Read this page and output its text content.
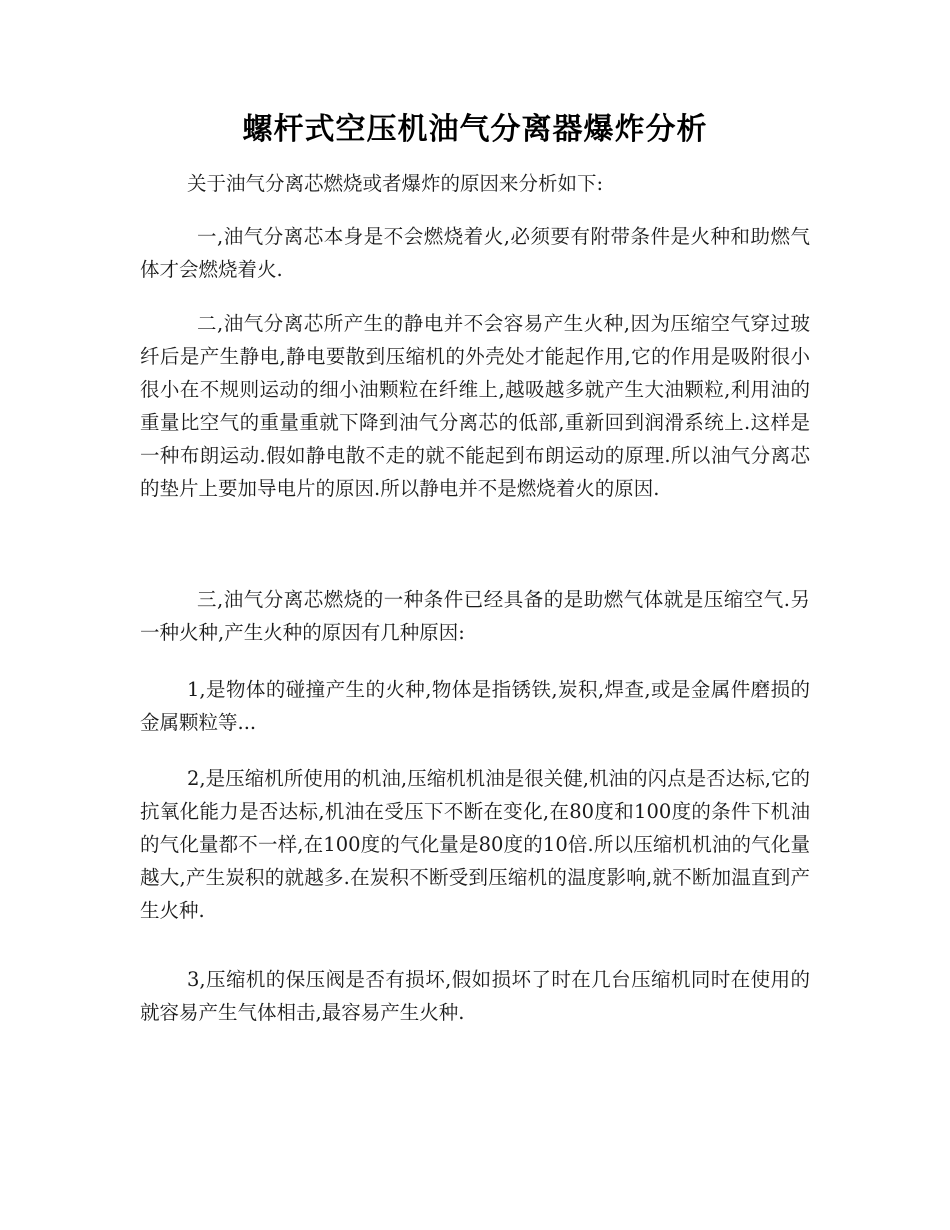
螺杆式空压机油气分离器爆炸分析

关于油气分离芯燃烧或者爆炸的原因来分析如下:

一,油气分离芯本身是不会燃烧着火,必须要有附带条件是火种和助燃气体才会燃烧着火.

二,油气分离芯所产生的静电并不会容易产生火种,因为压缩空气穿过玻纤后是产生静电,静电要散到压缩机的外壳处才能起作用,它的作用是吸附很小很小在不规则运动的细小油颗粒在纤维上,越吸越多就产生大油颗粒,利用油的重量比空气的重量重就下降到油气分离芯的低部,重新回到润滑系统上.这样是一种布朗运动.假如静电散不走的就不能起到布朗运动的原理.所以油气分离芯的垫片上要加导电片的原因.所以静电并不是燃烧着火的原因.

三,油气分离芯燃烧的一种条件已经具备的是助燃气体就是压缩空气.另一种火种,产生火种的原因有几种原因:

1,是物体的碰撞产生的火种,物体是指锈铁,炭积,焊查,或是金属件磨损的金属颗粒等...

2,是压缩机所使用的机油,压缩机机油是很关健,机油的闪点是否达标,它的抗氧化能力是否达标,机油在受压下不断在变化,在80度和100度的条件下机油的气化量都不一样,在100度的气化量是80度的10倍.所以压缩机机油的气化量越大,产生炭积的就越多.在炭积不断受到压缩机的温度影响,就不断加温直到产生火种.

3,压缩机的保压阀是否有损坏,假如损坏了时在几台压缩机同时在使用的就容易产生气体相击,最容易产生火种.
